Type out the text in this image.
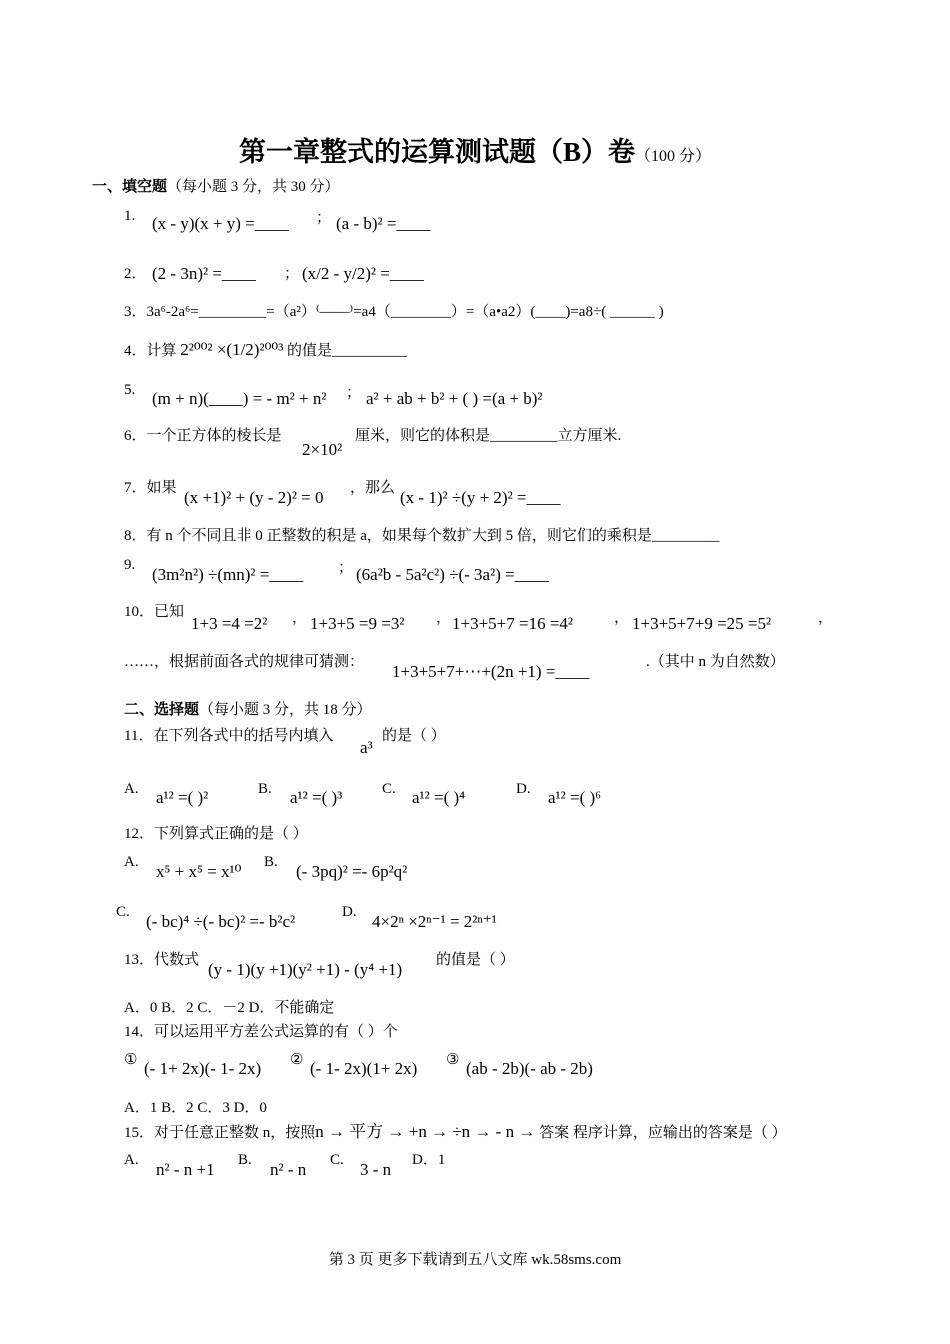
第一章整式的运算测试题（B）卷（100 分）
一、填空题（每小题 3 分，共 30 分）
1. (x - y)(x + y) =____ ； (a - b)² =____
2． (2 - 3n)² =____ ； (x/2 - y/2)² =____
3．3a⁶-2a⁶=_________=（a²）⁽——⁾=a4（________）=（a•a2）(____)=a8÷( ______ )
4．计算 2²⁰⁰² ×(1/2)²⁰⁰³ 的值是__________
5. (m + n)(____) = - m² + n² ； a² + ab + b² + ( ) =(a + b)²
6．一个正方体的棱长是
2×10²
厘米，则它的体积是_________立方厘米.
7．如果 (x +1)² + (y - 2)² = 0 ，那么 (x - 1)² ÷(y + 2)² =____
8．有 n 个不同且非 0 正整数的积是 a，如果每个数扩大到 5 倍，则它们的乘积是_________
9. (3m²n²) ÷(mn)² =____ ； (6a²b - 5a²c²) ÷(- 3a²) =____
10．已知
1+3 =4 =2² ， 1+3+5 =9 =3² ， 1+3+5+7 =16 =4²	， 1+3+5+7+9 =25 =5²	，
……，根据前面各式的规律可猜测： 1+3+5+7+⋯+(2n +1) =____	.（其中 n 为自然数）
二、选择题（每小题 3 分，共 18 分）
11．在下列各式中的括号内填入
a³
的是（ ）
A. a¹² =( )²	B. a¹² =( )³	C. a¹² =( )⁴	D. a¹² =( )⁶
12．下列算式正确的是（ ）
A. x⁵ + x⁵ = x¹⁰ B. (- 3pq)² =- 6p²q²
C. (- bc)⁴ ÷(- bc)² =- b²c²	D. 4×2ⁿ ×2ⁿ⁻¹ = 2²ⁿ⁺¹
13．代数式 (y - 1)(y +1)(y² +1) - (y⁴ +1) 的值是（ ）
A．0 B．2 C．－2 D．不能确定
14．可以运用平方差公式运算的有（ ）个
① (- 1+ 2x)(- 1- 2x) ② (- 1- 2x)(1+ 2x) ③ (ab - 2b)(- ab - 2b)
A．1 B．2 C．3 D．0
15．对于任意正整数 n，按照n → 平方 → +n → ÷n → - n → 答案 程序计算，应输出的答案是（ ）
A. n² - n +1 B. n² - n C. 3 - n D．1
第 3 页 更多下载请到五八文库 wk.58sms.com
